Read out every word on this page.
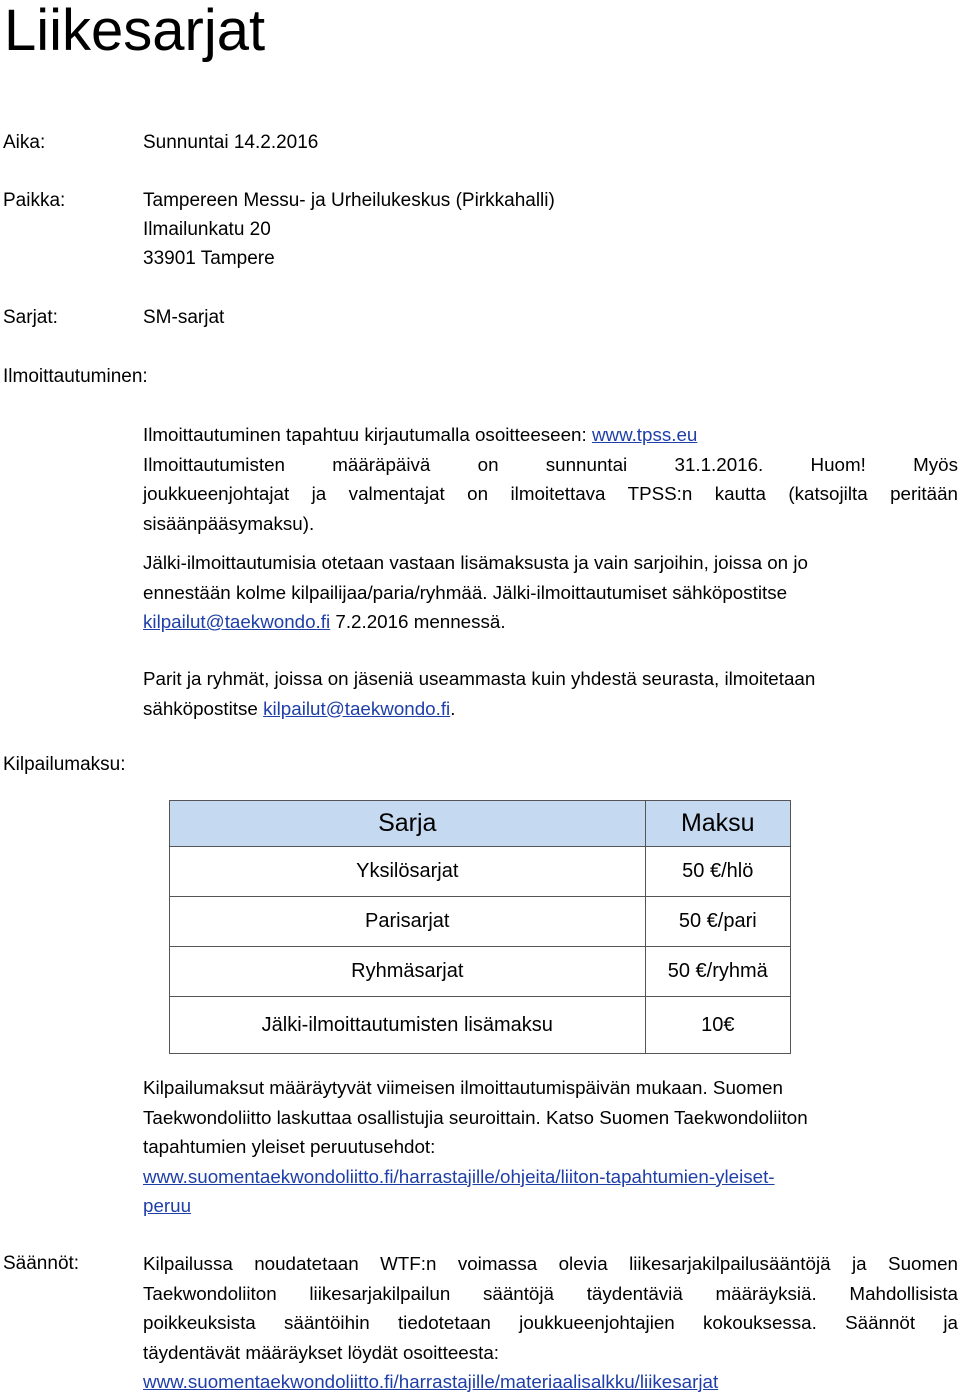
Liikesarjat
Aika:	Sunnuntai 14.2.2016
Paikka:	Tampereen Messu- ja Urheilukeskus (Pirkkahalli)
Ilmailunkatu 20
33901 Tampere
Sarjat:	SM-sarjat
Ilmoittautuminen:
Ilmoittautuminen tapahtuu kirjautumalla osoitteeseen: www.tpss.eu
Ilmoittautumisten määräpäivä on sunnuntai 31.1.2016. Huom! Myös
joukkueenjohtajat ja valmentajat on ilmoitettava TPSS:n kautta (katsojilta peritään
sisäänpääsymaksu).
Jälki-ilmoittautumisia otetaan vastaan lisämaksusta ja vain sarjoihin, joissa on jo
ennestään kolme kilpailijaa/paria/ryhmää. Jälki-ilmoittautumiset sähköpostitse
kilpailut@taekwondo.fi 7.2.2016 mennessä.
Parit ja ryhmät, joissa on jäseniä useammasta kuin yhdestä seurasta, ilmoitetaan
sähköpostitse kilpailut@taekwondo.fi.
Kilpailumaksu:
Sarja	Maksu
Yksilösarjat	50 €/hlö
Parisarjat	50 €/pari
Ryhmäsarjat	50 €/ryhmä
Jälki-ilmoittautumisten lisämaksu	10€
Kilpailumaksut määräytyvät viimeisen ilmoittautumispäivän mukaan. Suomen
Taekwondoliitto laskuttaa osallistujia seuroittain. Katso Suomen Taekwondoliiton
tapahtumien yleiset peruutusehdot:
www.suomentaekwondoliitto.fi/harrastajille/ohjeita/liiton-tapahtumien-yleiset-
peruu
Säännöt:	Kilpailussa noudatetaan WTF:n voimassa olevia liikesarjakilpailusääntöjä ja Suomen
Taekwondoliiton liikesarjakilpailun sääntöjä täydentäviä määräyksiä. Mahdollisista
poikkeuksista sääntöihin tiedotetaan joukkueenjohtajien kokouksessa. Säännöt ja
täydentävät määräykset löydät osoitteesta:
www.suomentaekwondoliitto.fi/harrastajille/materiaalisalkku/liikesarjat
